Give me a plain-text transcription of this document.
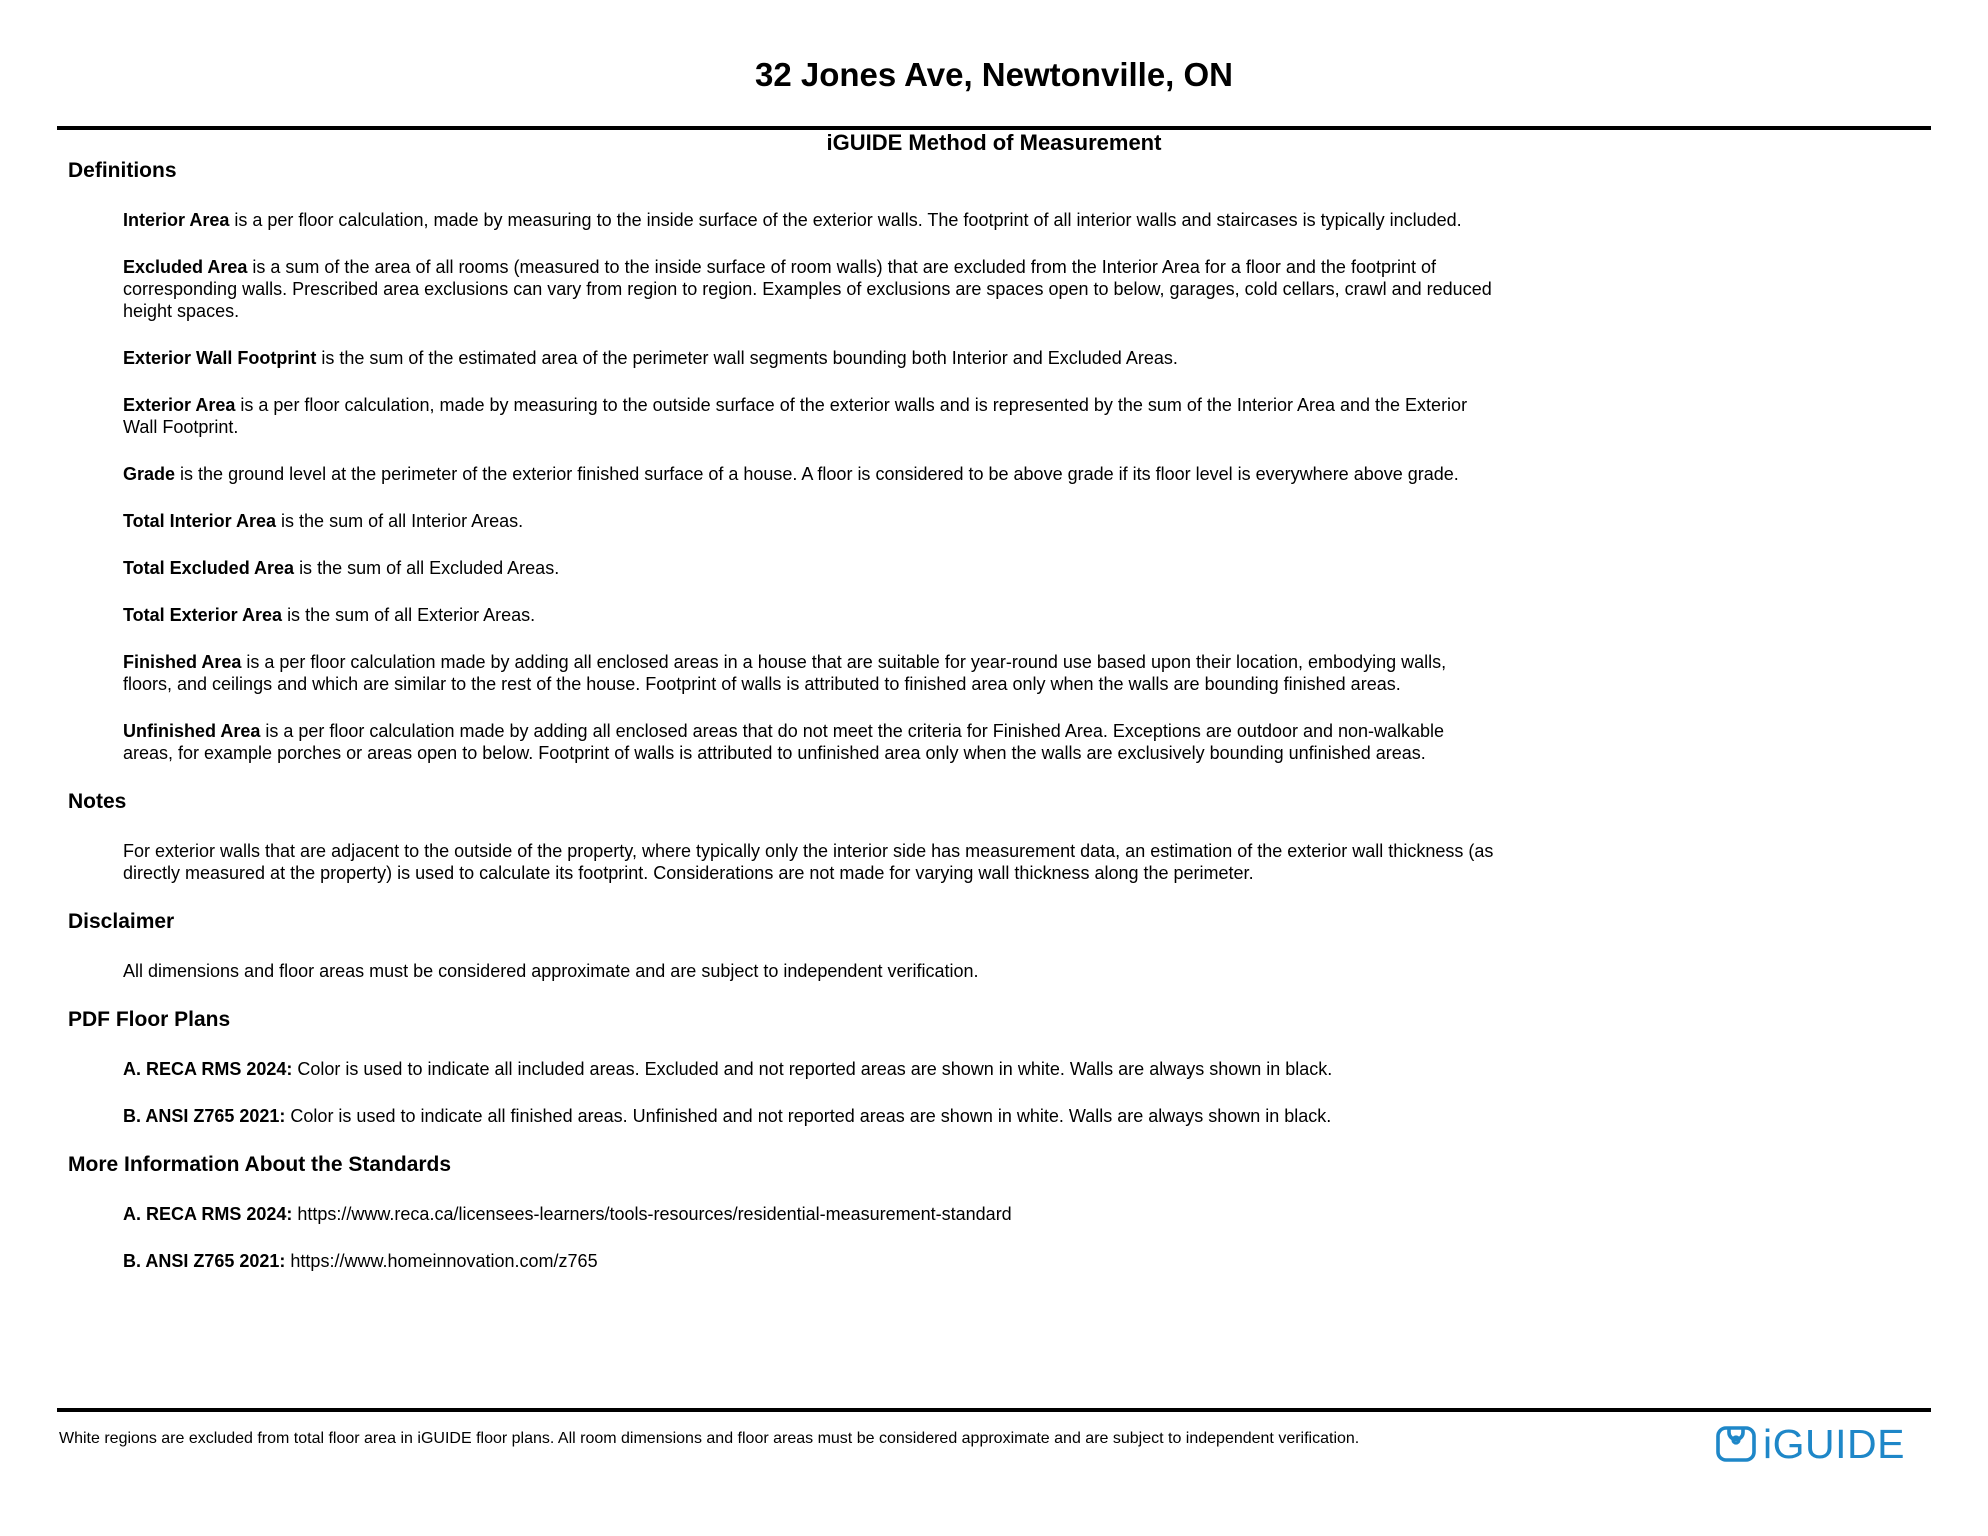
32 Jones Ave, Newtonville, ON
iGUIDE Method of Measurement
Definitions

Interior Area is a per floor calculation, made by measuring to the inside surface of the exterior walls. The footprint of all interior walls and staircases is typically included.

Excluded Area is a sum of the area of all rooms (measured to the inside surface of room walls) that are excluded from the Interior Area for a floor and the footprint of corresponding walls. Prescribed area exclusions can vary from region to region. Examples of exclusions are spaces open to below, garages, cold cellars, crawl and reduced height spaces.

Exterior Wall Footprint is the sum of the estimated area of the perimeter wall segments bounding both Interior and Excluded Areas.

Exterior Area is a per floor calculation, made by measuring to the outside surface of the exterior walls and is represented by the sum of the Interior Area and the Exterior Wall Footprint.

Grade is the ground level at the perimeter of the exterior finished surface of a house. A floor is considered to be above grade if its floor level is everywhere above grade.

Total Interior Area is the sum of all Interior Areas.

Total Excluded Area is the sum of all Excluded Areas.

Total Exterior Area is the sum of all Exterior Areas.

Finished Area is a per floor calculation made by adding all enclosed areas in a house that are suitable for year-round use based upon their location, embodying walls, floors, and ceilings and which are similar to the rest of the house. Footprint of walls is attributed to finished area only when the walls are bounding finished areas.

Unfinished Area is a per floor calculation made by adding all enclosed areas that do not meet the criteria for Finished Area. Exceptions are outdoor and non-walkable areas, for example porches or areas open to below. Footprint of walls is attributed to unfinished area only when the walls are exclusively bounding unfinished areas.

Notes

For exterior walls that are adjacent to the outside of the property, where typically only the interior side has measurement data, an estimation of the exterior wall thickness (as directly measured at the property) is used to calculate its footprint. Considerations are not made for varying wall thickness along the perimeter.

Disclaimer

All dimensions and floor areas must be considered approximate and are subject to independent verification.

PDF Floor Plans

A. RECA RMS 2024: Color is used to indicate all included areas. Excluded and not reported areas are shown in white. Walls are always shown in black.

B. ANSI Z765 2021: Color is used to indicate all finished areas. Unfinished and not reported areas are shown in white. Walls are always shown in black.

More Information About the Standards

A. RECA RMS 2024: https://www.reca.ca/licensees-learners/tools-resources/residential-measurement-standard

B. ANSI Z765 2021: https://www.homeinnovation.com/z765

White regions are excluded from total floor area in iGUIDE floor plans. All room dimensions and floor areas must be considered approximate and are subject to independent verification.	iGUIDE
